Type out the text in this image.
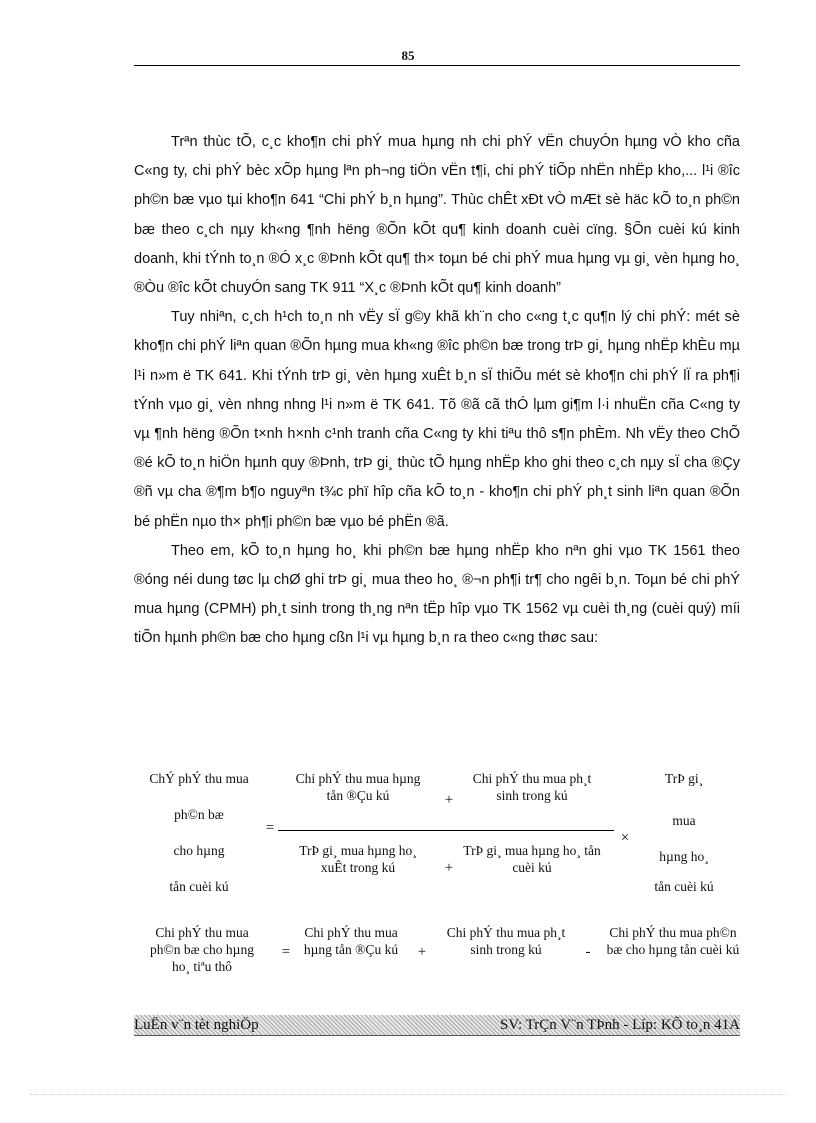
85

Trªn thùc tÕ, c¸c kho¶n chi phÝ mua hµng nh chi phÝ vËn chuyÓn hµng vÒ kho cña C«ng ty, chi phÝ bèc xÕp hµng lªn ph¬ng tiÖn vËn t¶i, chi phÝ tiÕp nhËn nhËp kho,... l¹i ®îc ph©n bæ vµo tµi kho¶n 641 “Chi phÝ b¸n hµng”. Thùc chÊt xÐt vÒ mÆt sè häc kÕ to¸n ph©n bæ theo c¸ch nµy kh«ng ¶nh hëng ®Õn kÕt qu¶ kinh doanh cuèi cïng. §Õn cuèi kú kinh doanh, khi tÝnh to¸n ®Ó x¸c ®Þnh kÕt qu¶ th× toµn bé chi phÝ mua hµng vµ gi¸ vèn hµng ho¸ ®Òu ®îc kÕt chuyÓn sang TK 911 “X¸c ®Þnh kÕt qu¶ kinh doanh”

Tuy nhiªn, c¸ch h¹ch to¸n nh vËy sÏ g©y khã kh¨n cho c«ng t¸c qu¶n lý chi phÝ: mét sè kho¶n chi phÝ liªn quan ®Õn hµng mua kh«ng ®îc ph©n bæ trong trÞ gi¸ hµng nhËp khÈu mµ l¹i n»m ë TK 641. Khi tÝnh trÞ gi¸ vèn hµng xuÊt b¸n sÏ thiÕu mét sè kho¶n chi phÝ lÏ ra ph¶i tÝnh vµo gi¸ vèn nhng nhng l¹i n»m ë TK 641. Tõ ®ã cã thÓ lµm gi¶m l·i nhuËn cña C«ng ty vµ ¶nh hëng ®Õn t×nh h×nh c¹nh tranh cña C«ng ty khi tiªu thô s¶n phÈm. Nh vËy theo ChÕ ®é kÕ to¸n hiÖn hµnh quy ®Þnh, trÞ gi¸ thùc tÕ hµng nhËp kho ghi theo c¸ch nµy sÏ cha ®Çy ®ñ vµ cha ®¶m b¶o nguyªn t¾c phï hîp cña kÕ to¸n - kho¶n chi phÝ ph¸t sinh liªn quan ®Õn bé phËn nµo th× ph¶i ph©n bæ vµo bé phËn ®ã.

Theo em, kÕ to¸n hµng ho¸ khi ph©n bæ hµng nhËp kho nªn ghi vµo TK 1561 theo ®óng néi dung tøc lµ chØ ghi trÞ gi¸ mua theo ho¸ ®¬n ph¶i tr¶ cho ngêi b¸n. Toµn bé chi phÝ mua hµng (CPMH) ph¸t sinh trong th¸ng nªn tËp hîp vµo TK 1562 vµ cuèi th¸ng (cuèi quý) míi tiÕn hµnh ph©n bæ cho hµng cßn l¹i vµ hµng b¸n ra theo c«ng thøc sau:

ChÝ phÝ thu mua
ph©n bæ
cho hµng
tån cuèi kú
=
Chi phÝ thu mua hµng tån ®Çu kú	+
Chi phÝ thu mua ph¸t sinh trong kú
TrÞ gi¸ mua hµng ho¸ xuÊt trong kú	+
TrÞ gi¸ mua hµng ho¸ tån cuèi kú
×
TrÞ gi¸
mua
hµng ho¸
tån cuèi kú
Chi phÝ thu mua ph©n bæ cho hµng ho¸ tiªu thô
=
Chi phÝ thu mua hµng tån ®Çu kú	+
Chi phÝ thu mua ph¸t sinh trong kú	-
Chi phÝ thu mua ph©n bæ cho hµng tån cuèi kú
LuËn v¨n tèt nghiÖp	SV: TrÇn V¨n TÞnh - Líp: KÕ to¸n 41A
